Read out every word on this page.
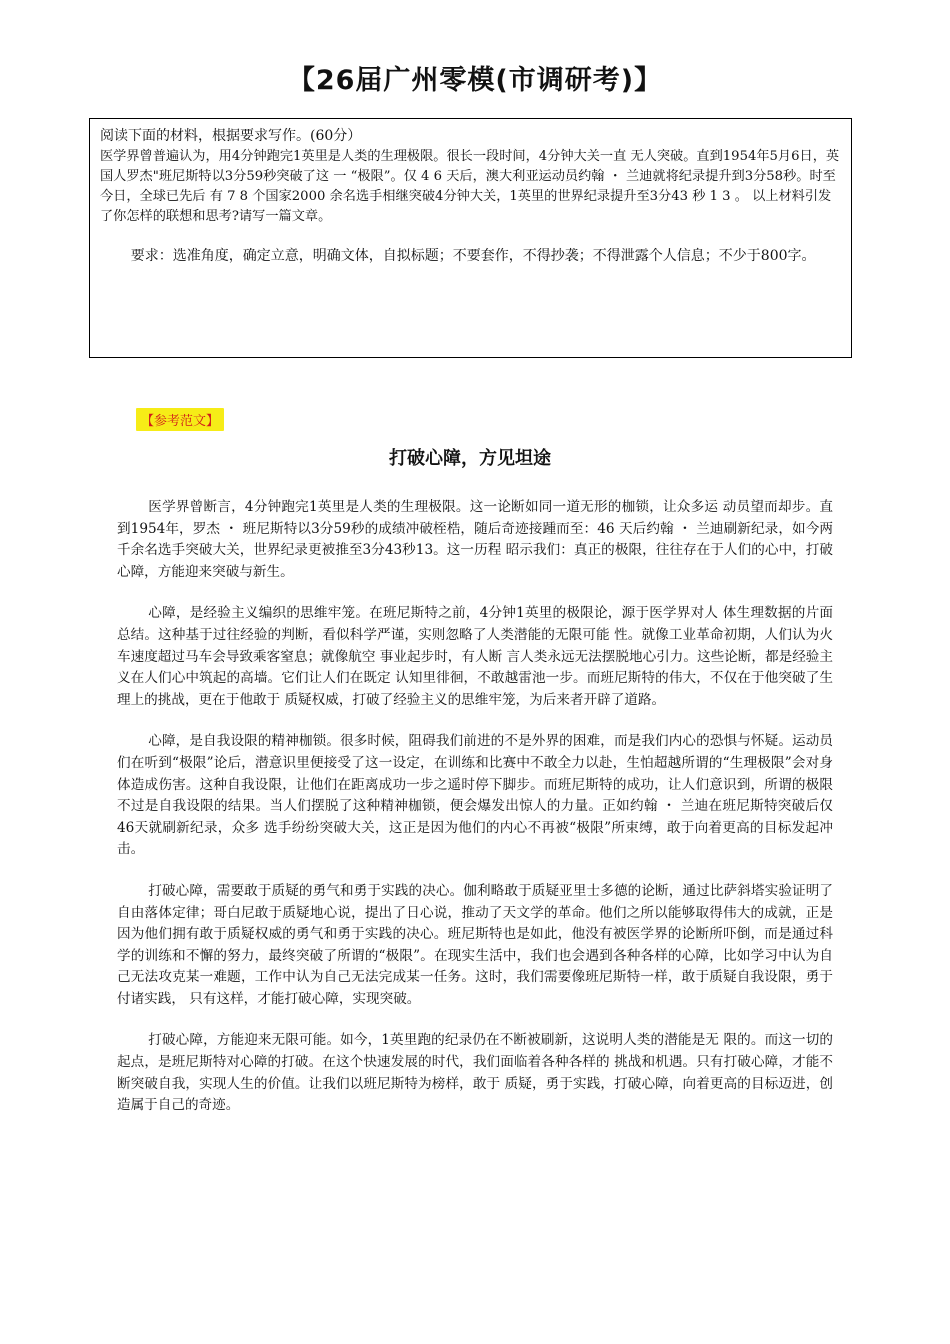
【26届广州零模(市调研考)】

阅读下面的材料，根据要求写作。(60分）

医学界曾普遍认为，用4分钟跑完1英里是人类的生理极限。很长一段时间，4分钟大关一直 无人突破。直到1954年5月6日，英国人罗杰"班尼斯特以3分59秒突破了这 一 “极限”。仅 4 6 天后，澳大利亚运动员约翰 ・ 兰迪就将纪录提升到3分58秒。时至今日，全球已先后 有 7 8 个国家2000 余名选手相继突破4分钟大关，1英里的世界纪录提升至3分43 秒 1 3 。 以上材料引发了你怎样的联想和思考?请写一篇文章。

要求：选准角度，确定立意，明确文体，自拟标题；不要套作，不得抄袭；不得泄露个人信息；不少于800字。

【参考范文】
打破心障，方见坦途

医学界曾断言，4分钟跑完1英里是人类的生理极限。这一论断如同一道无形的枷锁，让众多运 动员望而却步。直到1954年，罗杰 ・ 班尼斯特以3分59秒的成绩冲破桎梏，随后奇迹接踵而至：46 天后约翰 ・ 兰迪刷新纪录，如今两千余名选手突破大关，世界纪录更被推至3分43秒13。这一历程 昭示我们：真正的极限，往往存在于人们的心中，打破心障，方能迎来突破与新生。

心障，是经验主义编织的思维牢笼。在班尼斯特之前，4分钟1英里的极限论，源于医学界对人 体生理数据的片面总结。这种基于过往经验的判断，看似科学严谨，实则忽略了人类潜能的无限可能 性。就像工业革命初期，人们认为火车速度超过马车会导致乘客窒息；就像航空 事业起步时，有人断 言人类永远无法摆脱地心引力。这些论断，都是经验主义在人们心中筑起的高墙。它们让人们在既定 认知里徘徊，不敢越雷池一步。而班尼斯特的伟大，不仅在于他突破了生理上的挑战，更在于他敢于 质疑权威，打破了经验主义的思维牢笼，为后来者开辟了道路。

心障，是自我设限的精神枷锁。很多时候，阻碍我们前进的不是外界的困难，而是我们内心的恐惧与怀疑。运动员们在听到“极限”论后，潜意识里便接受了这一设定，在训练和比赛中不敢全力以赴，生怕超越所谓的“生理极限”会对身体造成伤害。这种自我设限，让他们在距离成功一步之遥时停下脚步。而班尼斯特的成功，让人们意识到，所谓的极限不过是自我设限的结果。当人们摆脱了这种精神枷锁，便会爆发出惊人的力量。正如约翰 ・ 兰迪在班尼斯特突破后仅46天就刷新纪录，众多 选手纷纷突破大关，这正是因为他们的内心不再被“极限”所束缚，敢于向着更高的目标发起冲击。

打破心障，需要敢于质疑的勇气和勇于实践的决心。伽利略敢于质疑亚里士多德的论断，通过比萨斜塔实验证明了自由落体定律；哥白尼敢于质疑地心说，提出了日心说，推动了天文学的革命。他们之所以能够取得伟大的成就，正是因为他们拥有敢于质疑权威的勇气和勇于实践的决心。班尼斯特也是如此，他没有被医学界的论断所吓倒，而是通过科学的训练和不懈的努力，最终突破了所谓的“极限”。在现实生活中，我们也会遇到各种各样的心障，比如学习中认为自己无法攻克某一难题，工作中认为自己无法完成某一任务。这时，我们需要像班尼斯特一样，敢于质疑自我设限，勇于付诸实践， 只有这样，才能打破心障，实现突破。

打破心障，方能迎来无限可能。如今，1英里跑的纪录仍在不断被刷新，这说明人类的潜能是无 限的。而这一切的起点，是班尼斯特对心障的打破。在这个快速发展的时代，我们面临着各种各样的 挑战和机遇。只有打破心障，才能不断突破自我，实现人生的价值。让我们以班尼斯特为榜样，敢于 质疑，勇于实践，打破心障，向着更高的目标迈进，创造属于自己的奇迹。
